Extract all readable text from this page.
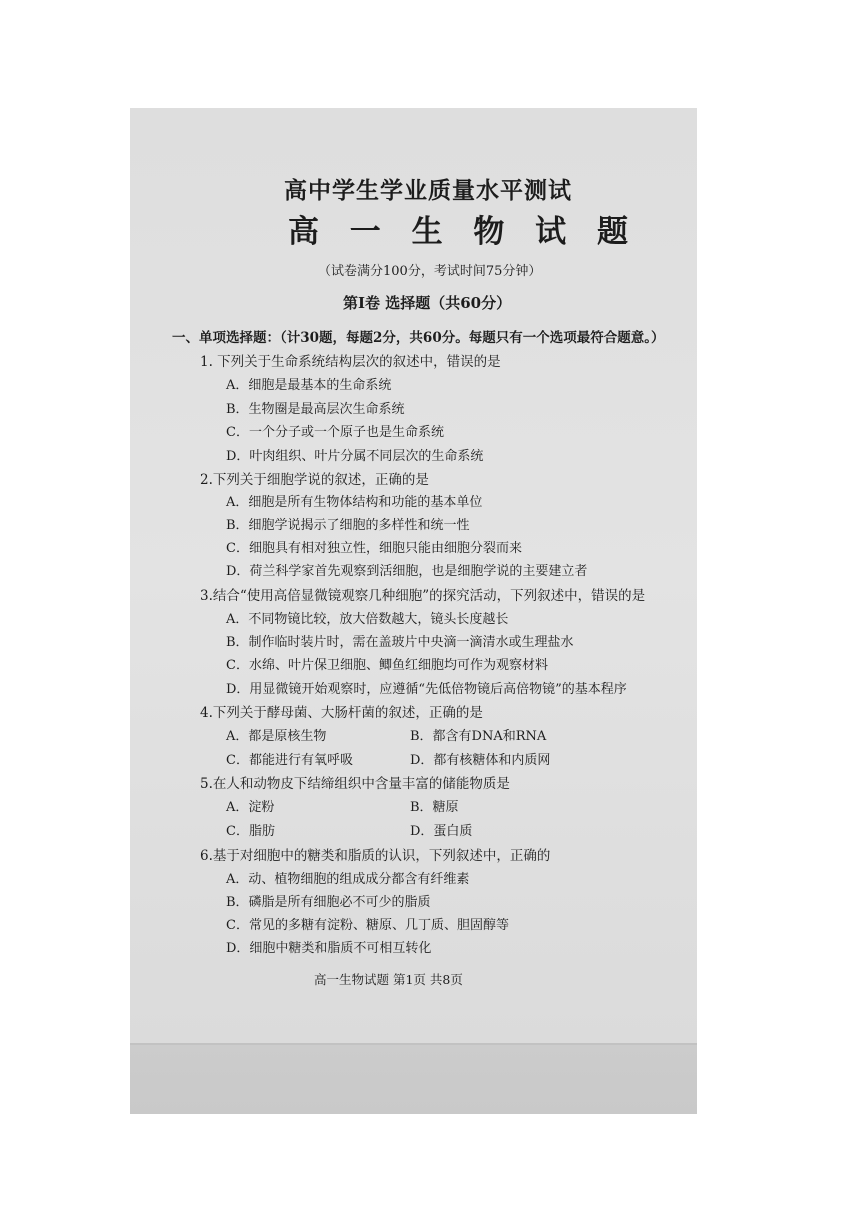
高中学生学业质量水平测试
高 一 生 物 试 题
（试卷满分100分，考试时间75分钟）
第Ⅰ卷 选择题（共60分）
一、单项选择题：（计30题，每题2分，共60分。每题只有一个选项最符合题意。）
1. 下列关于生命系统结构层次的叙述中，错误的是
A．细胞是最基本的生命系统
B．生物圈是最高层次生命系统
C．一个分子或一个原子也是生命系统
D．叶肉组织、叶片分属不同层次的生命系统
2.下列关于细胞学说的叙述，正确的是
A．细胞是所有生物体结构和功能的基本单位
B．细胞学说揭示了细胞的多样性和统一性
C．细胞具有相对独立性，细胞只能由细胞分裂而来
D．荷兰科学家首先观察到活细胞，也是细胞学说的主要建立者
3.结合“使用高倍显微镜观察几种细胞”的探究活动，下列叙述中，错误的是
A．不同物镜比较，放大倍数越大，镜头长度越长
B．制作临时装片时，需在盖玻片中央滴一滴清水或生理盐水
C．水绵、叶片保卫细胞、鲫鱼红细胞均可作为观察材料
D．用显微镜开始观察时，应遵循“先低倍物镜后高倍物镜”的基本程序
4.下列关于酵母菌、大肠杆菌的叙述，正确的是
A．都是原核生物	B．都含有DNA和RNA
C．都能进行有氧呼吸	D．都有核糖体和内质网
5.在人和动物皮下结缔组织中含量丰富的储能物质是
A．淀粉	B．糖原
C．脂肪	D．蛋白质
6.基于对细胞中的糖类和脂质的认识，下列叙述中，正确的
A．动、植物细胞的组成成分都含有纤维素
B．磷脂是所有细胞必不可少的脂质
C．常见的多糖有淀粉、糖原、几丁质、胆固醇等
D．细胞中糖类和脂质不可相互转化
高一生物试题 第1页 共8页
